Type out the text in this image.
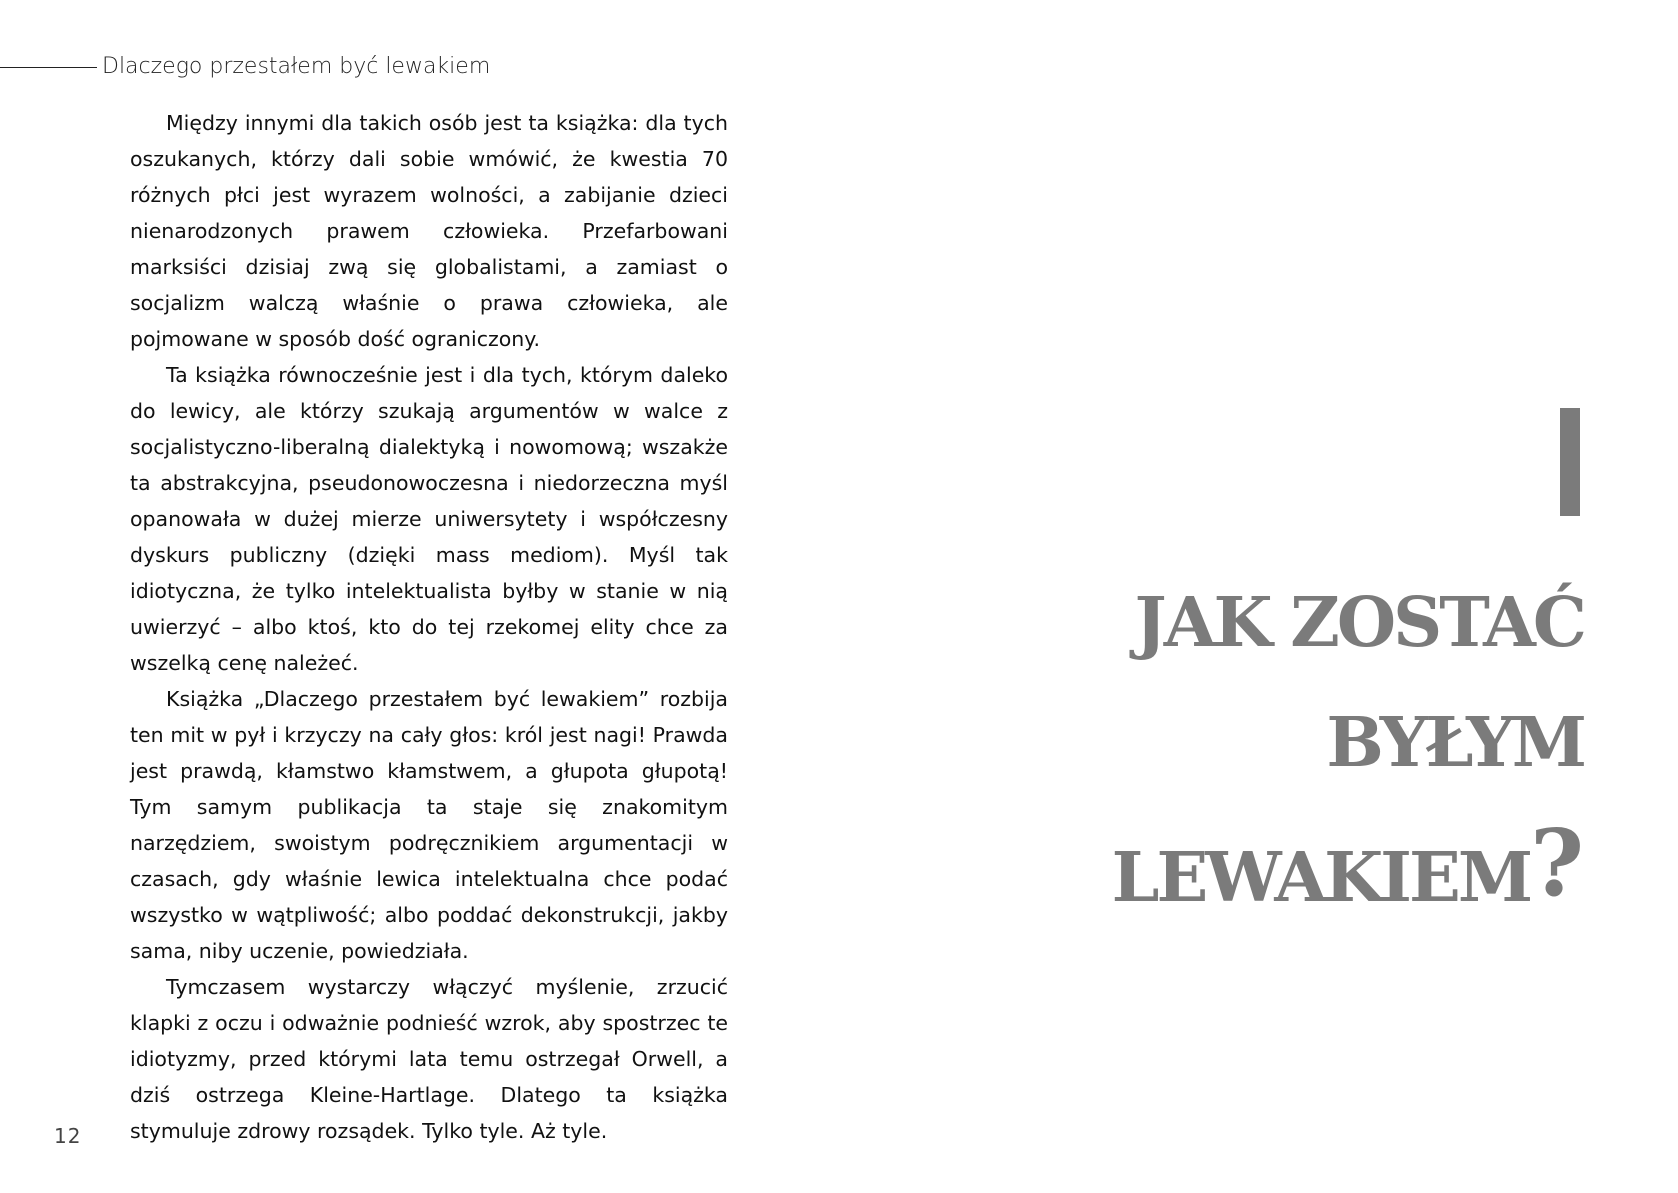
Dlaczego przestałem być lewakiem

Między innymi dla takich osób jest ta książka: dla tych oszukanych, którzy dali sobie wmówić, że kwestia 70 różnych płci jest wyrazem wolności, a zabijanie dzieci nienarodzonych prawem człowieka. Przefarbowani marksiści dzisiaj zwą się globalistami, a zamiast o socjalizm walczą właśnie o prawa człowieka, ale pojmowane w sposób dość ograniczony.

Ta książka równocześnie jest i dla tych, którym daleko do lewicy, ale którzy szukają argumentów w walce z socjalistyczno-liberalną dialektyką i nowomową; wszakże ta abstrakcyjna, pseudonowoczesna i niedorzeczna myśl opanowała w dużej mierze uniwersytety i współczesny dyskurs publiczny (dzięki mass mediom). Myśl tak idiotyczna, że tylko intelektualista byłby w stanie w nią uwierzyć – albo ktoś, kto do tej rzekomej elity chce za wszelką cenę należeć.

Książka „Dlaczego przestałem być lewakiem” rozbija ten mit w pył i krzyczy na cały głos: król jest nagi! Prawda jest prawdą, kłamstwo kłamstwem, a głupota głupotą! Tym samym publikacja ta staje się znakomitym narzędziem, swoistym podręcznikiem argumentacji w czasach, gdy właśnie lewica intelektualna chce podać wszystko w wątpliwość; albo poddać dekonstrukcji, jakby sama, niby uczenie, powiedziała.

Tymczasem wystarczy włączyć myślenie, zrzucić klapki z oczu i odważnie podnieść wzrok, aby spostrzec te idiotyzmy, przed którymi lata temu ostrzegał Orwell, a dziś ostrzega Kleine-Hartlage. Dlatego ta książka stymuluje zdrowy rozsądek. Tylko tyle. Aż tyle.

12
JAK ZOSTAĆ
BYŁYM
LEWAKIEM?
